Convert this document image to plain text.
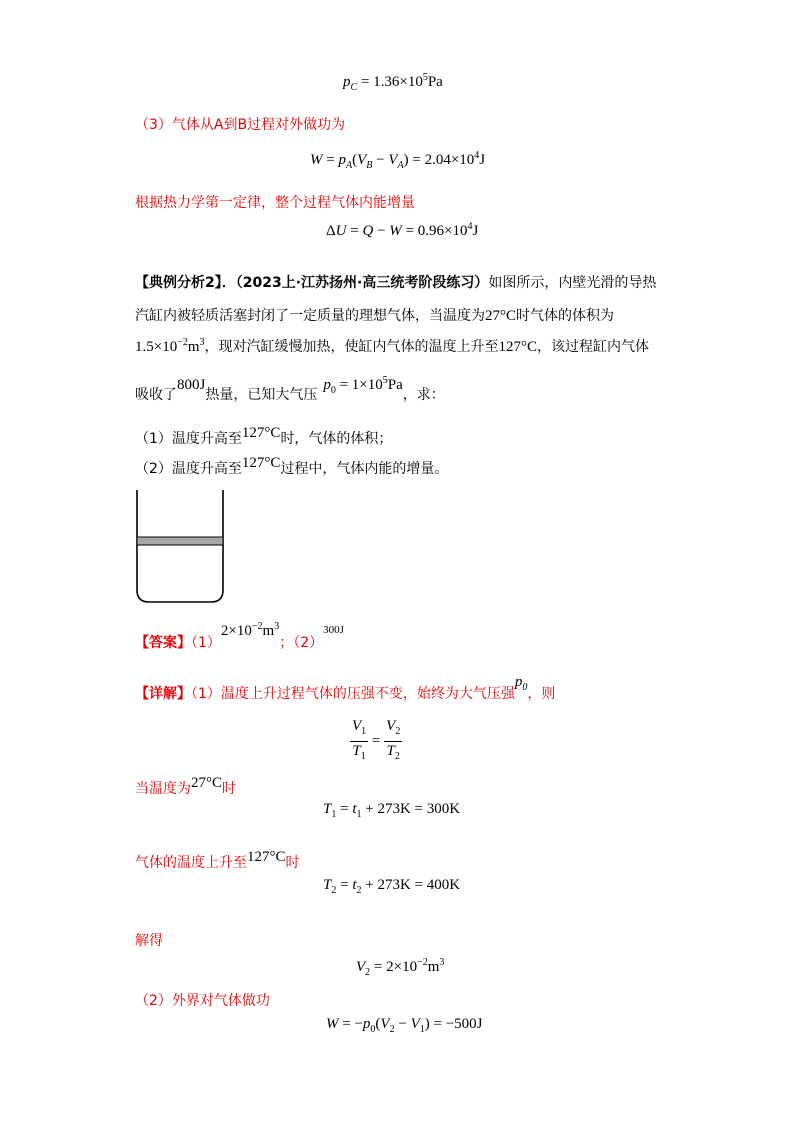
$p_C = 1.36\times 10^5Pa$
（3）气体从A到B过程对外做功为
$W = p_A(V_B - V_A) = 2.04\times 10^4J$
根据热力学第一定律，整个过程气体内能增量
$\Delta U = Q - W = 0.96\times 10^4J$
【典例分析2】．（2023上·江苏扬州·高三统考阶段练习）如图所示，内壁光滑的导热
汽缸内被轻质活塞封闭了一定质量的理想气体，当温度为27°C时气体的体积为
$1.5\times 10^{-2}m^3$，现对汽缸缓慢加热，使缸内气体的温度上升至127°C，该过程缸内气体
吸收了800J热量，已知大气压$p_0 = 1\times 10^5Pa$，求：
（1）温度升高至127°C时，气体的体积；
（2）温度升高至127°C过程中，气体内能的增量。
【答案】$(1)2\times 10^{-2}m^3$；$(2)^{300J}$
【详解】（1）温度上升过程气体的压强不变，始终为大气压强$p_0$，则
$\frac{V_1}{T_1} = \frac{V_2}{T_2}$
当温度为27°C时
$T_1 = t_1 + 273K = 300K$
气体的温度上升至127°C时
$T_2 = t_2 + 273K = 400K$
解得
$V_2 = 2\times 10^{-2}m^3$
（2）外界对气体做功
$W = -p_0(V_2 - V_1) = -500J$
